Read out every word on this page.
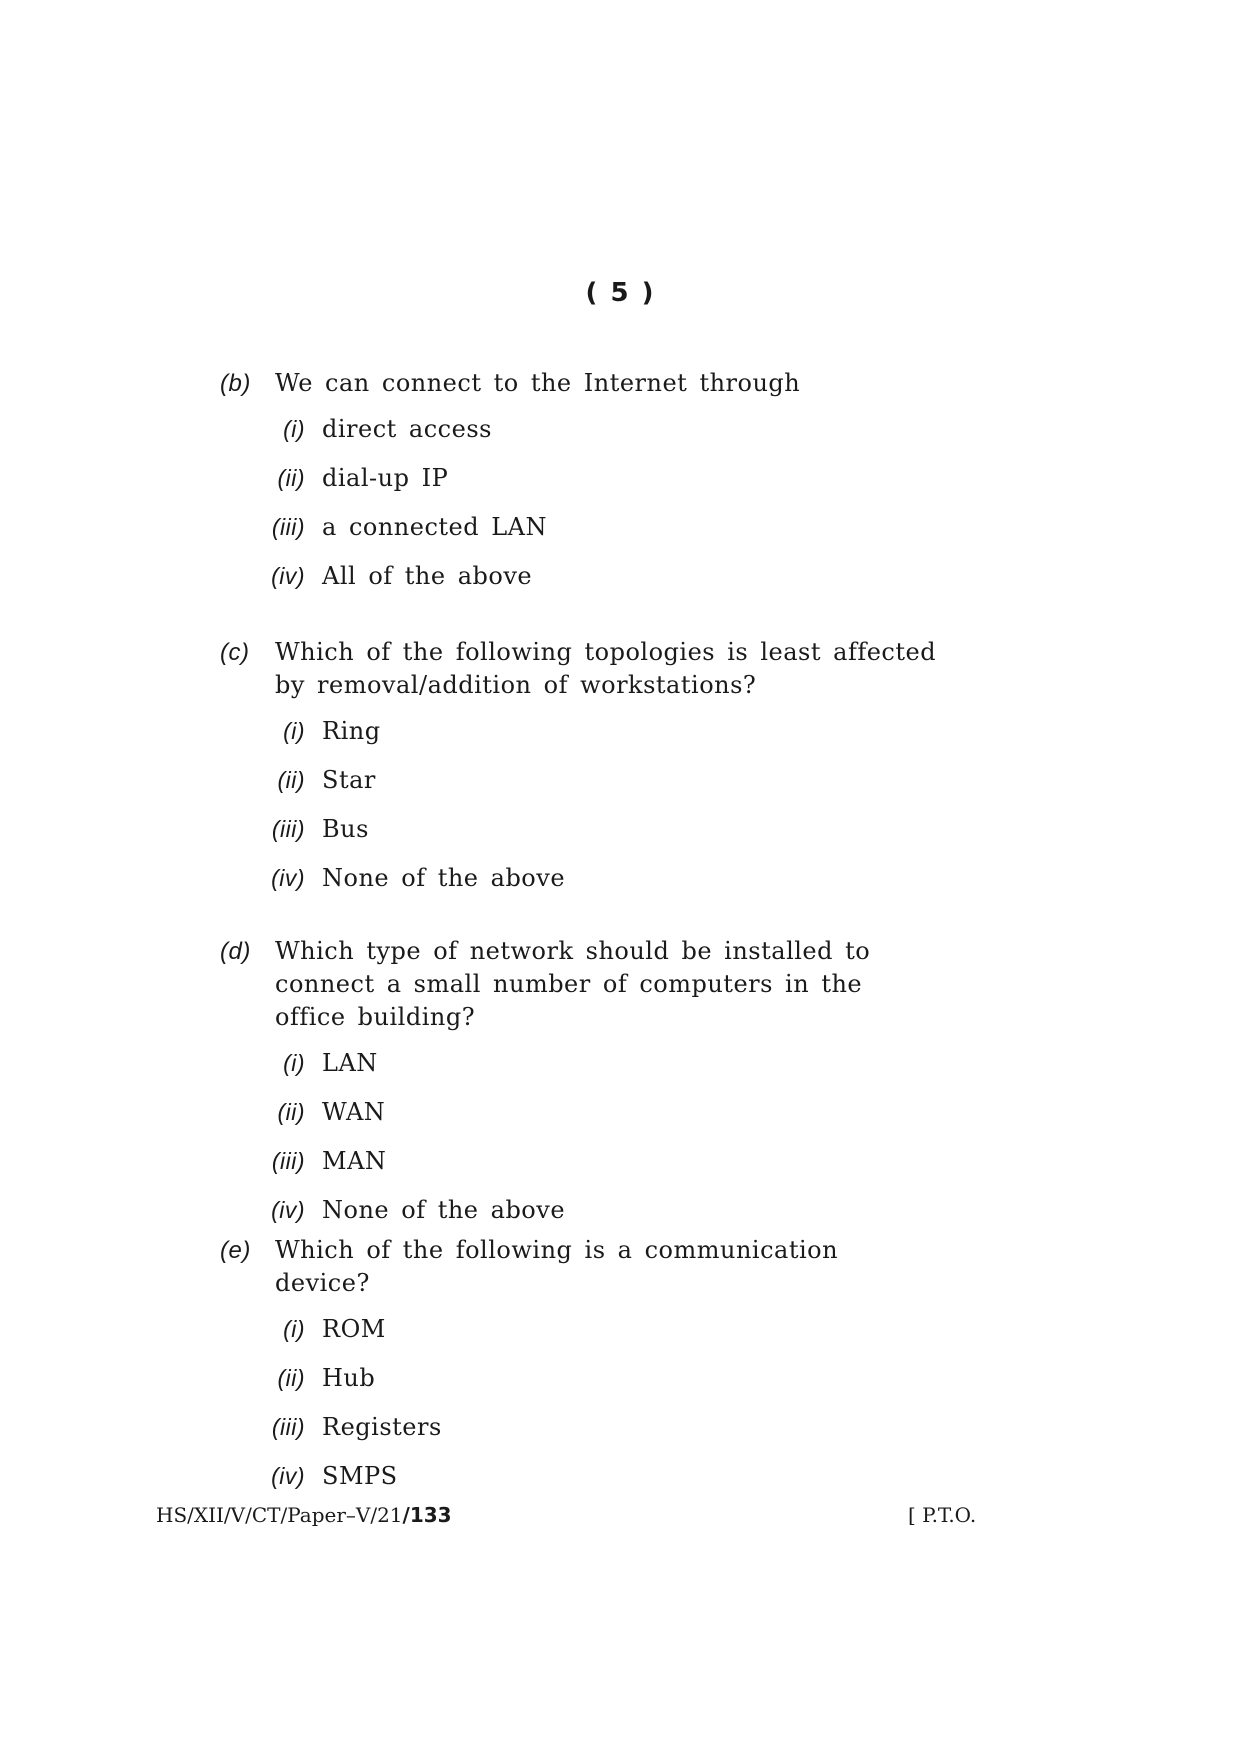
( 5 )
(b) We can connect to the Internet through
(i) direct access
(ii) dial-up IP
(iii) a connected LAN
(iv) All of the above
(c) Which of the following topologies is least affected by removal/addition of workstations?
(i) Ring
(ii) Star
(iii) Bus
(iv) None of the above
(d) Which type of network should be installed to connect a small number of computers in the office building?
(i) LAN
(ii) WAN
(iii) MAN
(iv) None of the above
(e) Which of the following is a communication device?
(i) ROM
(ii) Hub
(iii) Registers
(iv) SMPS
HS/XII/V/CT/Paper–V/21/133	[ P.T.O.
